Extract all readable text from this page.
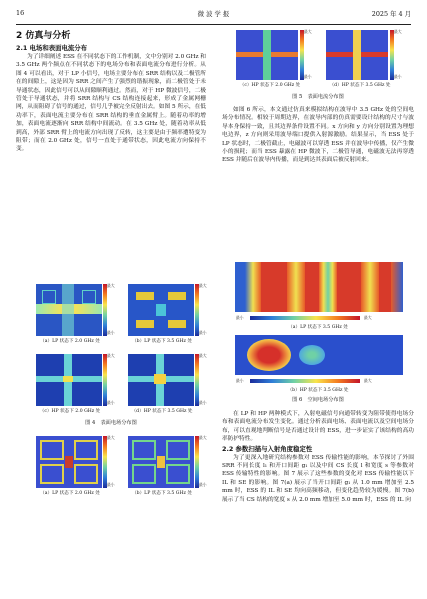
16	微 波 学 报	2025 年 4 月
2 仿真与分析
2.1 电场和表面电流分布

为了详细阐述 ESS 在不同状态下的工作机制，文中分别对 2.0 GHz 和 3.5 GHz 两个频点在不同状态下的电场分布和表面电流分布进行分析。从图 4 可以看出，对于 LP 小信号，电场主要分布在 SRR 结构以及二极管所在的间隙上，这是因为 SRR 之间产生了强烈的谐振现象，而二极管处于未导通状态，因此信号可以从间隙顺利通过。然而，对于 HP 微波信号，二极管处于导通状态，并将 SRR 结构与 CS 结构连接起来，形成了金属网栅网，从而阻碍了信号的通过，信号几乎被完全反射出去。如图 5 所示，在低功率下，表面电流主要分布在 SRR 结构的垂直金属臂上。随着功率的增加，表面电流逐渐向 SRR 结构中间流动。在 3.5 GHz 处，随着功率从低到高，外部 SRR 臂上的电流方向出现了反转，这主要是由于频率遭特变为阻带；而在 2.0 GHz 处，信号一直处于通带状态，因此电流方向保持不变。

最大
最小
（a）LP 状态下 2.0 GHz 处
最大
最小
（b）LP 状态下 3.5 GHz 处
最大
最小
（c）HP 状态下 2.0 GHz 处
最大
最小
（d）HP 状态下 3.5 GHz 处
图 4　表面电场分布图
最大
最小
（a）LP 状态下 2.0 GHz 处
最大
最小
（b）LP 状态下 3.5 GHz 处
最大
最小
（c）HP 状态下 2.0 GHz 处
最大
最小
（d）HP 状态下 3.5 GHz 处
图 5　表面电流分布图

如图 6 所示，本文通过仿真来模拟结构在波导中 3.5 GHz 处的空间电场分布情况。相较于周期边界，在波导内部的仿真需要设计结构的尺寸与波导本身保持一致，且其边界条件设置不同。x 方向和 y 方向分别设置为理想电边界，z 方向则采用波导端口提供入射源激励。结果显示，当 ESS 处于 LP 状态时，二极管截止，电磁波可以穿透 ESS 并在波导中传播，仅产生微小的损耗；而当 ESS 暴露在 HP 微波下，二极管导通，电磁波无法再穿透 ESS 并随后在波导内传播，而是到达其表面后被反射回来。

最小	最大
（a）LP 状态下 3.5 GHz 处
最小	最大
（b）HP 状态下 3.5 GHz 处
图 6　空间电场分布图

在 LP 和 HP 两种模式下，入射电磁信号向通带转变为阻带使得电场分布和表面电流分布发生变化。通过分析表面电场、表面电流以及空间电场分布，可以直观地判断信号是否通过设计的 ESS，进一步证实了该结构的高功率防护特性。

2.2 参数扫描与入射角度稳定性

为了更深入地研究结构参数对 ESS 传输性能的影响，本节探讨了外围 SRR 不同长度 l₁ 和开口间距 g₁ 以及中间 CS 长度 l 和宽度 s 等参数对 ESS 传输特性的影响。图 7 展示了这些参数的变化对 ESS 传输性能以下 IL 和 SE 的影响。图 7(a) 展示了当开口间距 g₁ 从 1.0 mm 增加至 2.5 mm 时，ESS 的 IL 和 SE 均向高频移动，但变化趋势较为缓慢。图 7(b) 展示了当 CS 结构的宽度 s 从 2.0 mm 增加至 5.0 mm 时，ESS 的 IL 向
